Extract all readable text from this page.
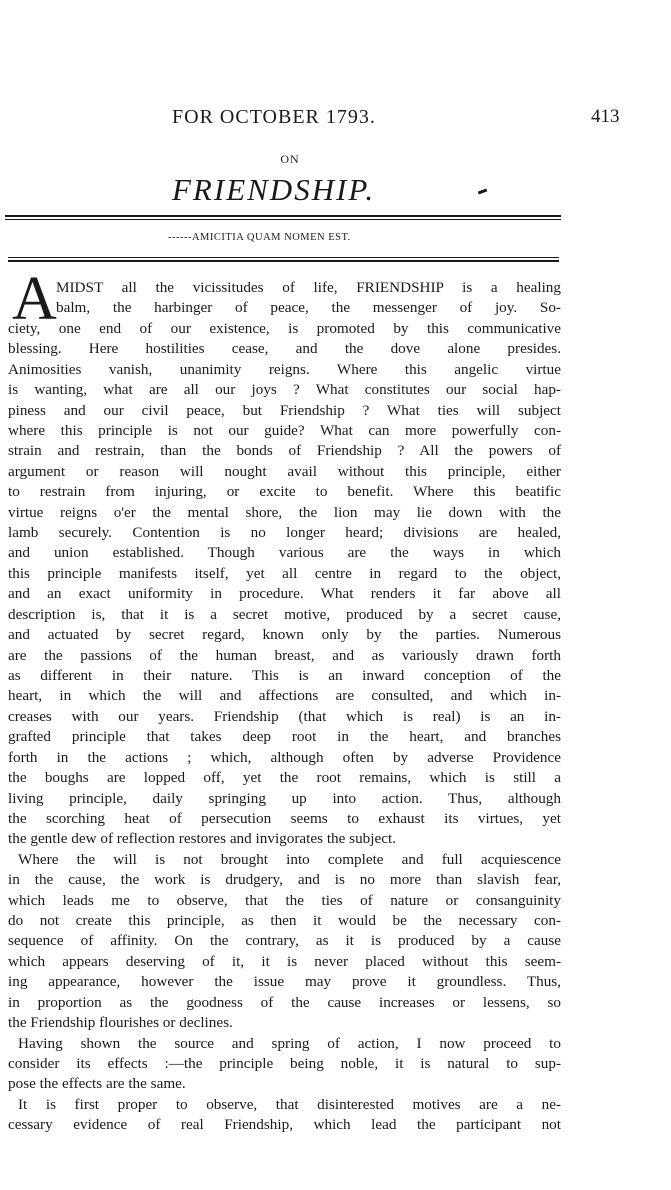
FOR OCTOBER 1793.	413
ON
FRIENDSHIP.
------AMICITIA QUAM NOMEN EST.
A MIDST all the vicissitudes of life, FRIENDSHIP is a healing
balm, the harbinger of peace, the messenger of joy. So-
ciety, one end of our existence, is promoted by this communicative
blessing. Here hostilities cease, and the dove alone presides.
Animosities vanish, unanimity reigns. Where this angelic virtue
is wanting, what are all our joys ? What constitutes our social hap-
piness and our civil peace, but Friendship ? What ties will subject
where this principle is not our guide? What can more powerfully con-
strain and restrain, than the bonds of Friendship ? All the powers of
argument or reason will nought avail without this principle, either
to restrain from injuring, or excite to benefit. Where this beatific
virtue reigns o'er the mental shore, the lion may lie down with the
lamb securely. Contention is no longer heard; divisions are healed,
and union established. Though various are the ways in which
this principle manifests itself, yet all centre in regard to the object,
and an exact uniformity in procedure. What renders it far above all
description is, that it is a secret motive, produced by a secret cause,
and actuated by secret regard, known only by the parties. Numerous
are the passions of the human breast, and as variously drawn forth
as different in their nature. This is an inward conception of the
heart, in which the will and affections are consulted, and which in-
creases with our years. Friendship (that which is real) is an in-
grafted principle that takes deep root in the heart, and branches
forth in the actions ; which, although often by adverse Providence
the boughs are lopped off, yet the root remains, which is still a
living principle, daily springing up into action. Thus, although
the scorching heat of persecution seems to exhaust its virtues, yet
the gentle dew of reflection restores and invigorates the subject.
Where the will is not brought into complete and full acquiescence
in the cause, the work is drudgery, and is no more than slavish fear,
which leads me to observe, that the ties of nature or consanguinity
do not create this principle, as then it would be the necessary con-
sequence of affinity. On the contrary, as it is produced by a cause
which appears deserving of it, it is never placed without this seem-
ing appearance, however the issue may prove it groundless. Thus,
in proportion as the goodness of the cause increases or lessens, so
the Friendship flourishes or declines.
Having shown the source and spring of action, I now proceed to
consider its effects :—the principle being noble, it is natural to sup-
pose the effects are the same.
It is first proper to observe, that disinterested motives are a ne-
cessary evidence of real Friendship, which lead the participant not
